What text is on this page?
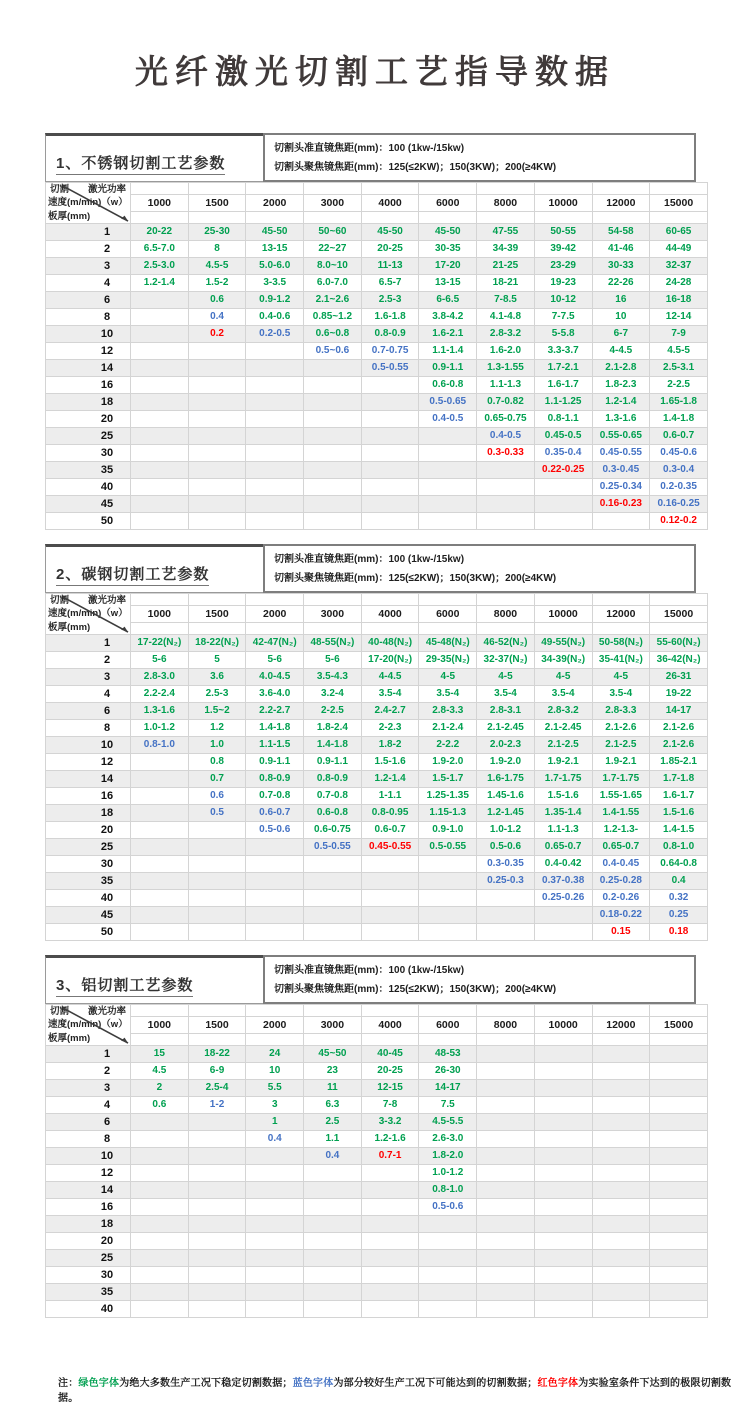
光纤激光切割工艺指导数据
1、不锈钢切割工艺参数
切割头准直镜焦距(mm)：100 (1kw-/15kw)
切割头聚焦镜焦距(mm)：125(≤2KW)；150(3KW)；200(≥4KW)
切割 激光功率
速度(m/min)（w）
板厚(mm)										

	1000	1500	2000	3000	4000	6000	8000	10000	12000	15000

1	20-22	25-30	45-50	50~60	45-50	45-50	47-55	50-55	54-58	60-65
2	6.5-7.0	8	13-15	22~27	20-25	30-35	34-39	39-42	41-46	44-49
3	2.5-3.0	4.5-5	5.0-6.0	8.0~10	11-13	17-20	21-25	23-29	30-33	32-37
4	1.2-1.4	1.5-2	3-3.5	6.0-7.0	6.5-7	13-15	18-21	19-23	22-26	24-28
6		0.6	0.9-1.2	2.1~2.6	2.5-3	6-6.5	7-8.5	10-12	16	16-18
8		0.4	0.4-0.6	0.85~1.2	1.6-1.8	3.8-4.2	4.1-4.8	7-7.5	10	12-14
10		0.2	0.2-0.5	0.6~0.8	0.8-0.9	1.6-2.1	2.8-3.2	5-5.8	6-7	7-9
12				0.5~0.6	0.7-0.75	1.1-1.4	1.6-2.0	3.3-3.7	4-4.5	4.5-5
14					0.5-0.55	0.9-1.1	1.3-1.55	1.7-2.1	2.1-2.8	2.5-3.1
16						0.6-0.8	1.1-1.3	1.6-1.7	1.8-2.3	2-2.5
18						0.5-0.65	0.7-0.82	1.1-1.25	1.2-1.4	1.65-1.8
20						0.4-0.5	0.65-0.75	0.8-1.1	1.3-1.6	1.4-1.8
25							0.4-0.5	0.45-0.5	0.55-0.65	0.6-0.7
30							0.3-0.33	0.35-0.4	0.45-0.55	0.45-0.6
35								0.22-0.25	0.3-0.45	0.3-0.4
40									0.25-0.34	0.2-0.35
45									0.16-0.23	0.16-0.25
50										0.12-0.2
2、碳钢切割工艺参数
切割头准直镜焦距(mm)：100 (1kw-/15kw)
切割头聚焦镜焦距(mm)：125(≤2KW)；150(3KW)；200(≥4KW)
切割 激光功率
速度(m/min)（w）
板厚(mm)										

	1000	1500	2000	3000	4000	6000	8000	10000	12000	15000

1	17-22(N₂)	18-22(N₂)	42-47(N₂)	48-55(N₂)	40-48(N₂)	45-48(N₂)	46-52(N₂)	49-55(N₂)	50-58(N₂)	55-60(N₂)
2	5-6	5	5-6	5-6	17-20(N₂)	29-35(N₂)	32-37(N₂)	34-39(N₂)	35-41(N₂)	36-42(N₂)
3	2.8-3.0	3.6	4.0-4.5	3.5-4.3	4-4.5	4-5	4-5	4-5	4-5	26-31
4	2.2-2.4	2.5-3	3.6-4.0	3.2-4	3.5-4	3.5-4	3.5-4	3.5-4	3.5-4	19-22
6	1.3-1.6	1.5~2	2.2-2.7	2-2.5	2.4-2.7	2.8-3.3	2.8-3.1	2.8-3.2	2.8-3.3	14-17
8	1.0-1.2	1.2	1.4-1.8	1.8-2.4	2-2.3	2.1-2.4	2.1-2.45	2.1-2.45	2.1-2.6	2.1-2.6
10	0.8-1.0	1.0	1.1-1.5	1.4-1.8	1.8-2	2-2.2	2.0-2.3	2.1-2.5	2.1-2.5	2.1-2.6
12		0.8	0.9-1.1	0.9-1.1	1.5-1.6	1.9-2.0	1.9-2.0	1.9-2.1	1.9-2.1	1.85-2.1
14		0.7	0.8-0.9	0.8-0.9	1.2-1.4	1.5-1.7	1.6-1.75	1.7-1.75	1.7-1.75	1.7-1.8
16		0.6	0.7-0.8	0.7-0.8	1-1.1	1.25-1.35	1.45-1.6	1.5-1.6	1.55-1.65	1.6-1.7
18		0.5	0.6-0.7	0.6-0.8	0.8-0.95	1.15-1.3	1.2-1.45	1.35-1.4	1.4-1.55	1.5-1.6
20			0.5-0.6	0.6-0.75	0.6-0.7	0.9-1.0	1.0-1.2	1.1-1.3	1.2-1.3-	1.4-1.5
25				0.5-0.55	0.45-0.55	0.5-0.55	0.5-0.6	0.65-0.7	0.65-0.7	0.8-1.0
30							0.3-0.35	0.4-0.42	0.4-0.45	0.64-0.8
35							0.25-0.3	0.37-0.38	0.25-0.28	0.4
40								0.25-0.26	0.2-0.26	0.32
45									0.18-0.22	0.25
50									0.15	0.18
3、铝切割工艺参数
切割头准直镜焦距(mm)：100 (1kw-/15kw)
切割头聚焦镜焦距(mm)：125(≤2KW)；150(3KW)；200(≥4KW)
切割 激光功率
速度(m/min)（w）
板厚(mm)										

	1000	1500	2000	3000	4000	6000	8000	10000	12000	15000

1	15	18-22	24	45~50	40-45	48-53				
2	4.5	6-9	10	23	20-25	26-30				
3	2	2.5-4	5.5	11	12-15	14-17				
4	0.6	1-2	3	6.3	7-8	7.5				
6			1	2.5	3-3.2	4.5-5.5				
8			0.4	1.1	1.2-1.6	2.6-3.0				
10				0.4	0.7-1	1.8-2.0				
12						1.0-1.2				
14						0.8-1.0				
16						0.5-0.6				
18										
20										
25										
30										
35										
40										
注：绿色字体为绝大多数生产工况下稳定切割数据；蓝色字体为部分较好生产工况下可能达到的切割数据；红色字体为实验室条件下达到的极限切割数据。
